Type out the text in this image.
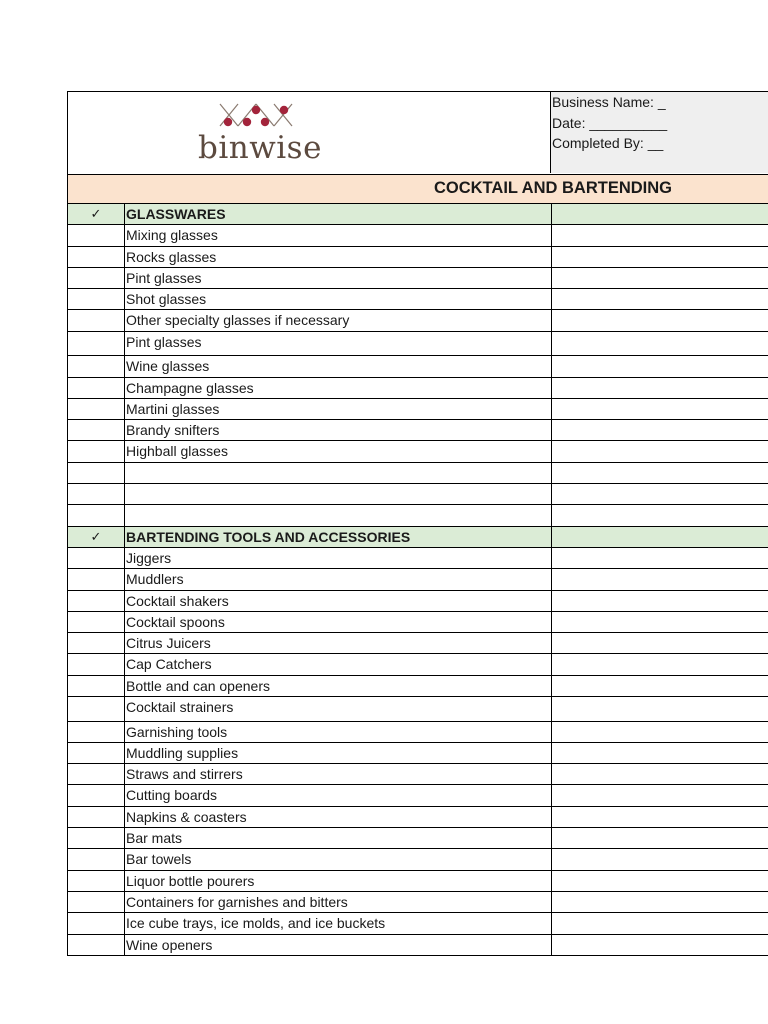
binwise
Business Name: _
Date: __________
Completed By: __
COCKTAIL AND BARTENDING
✓	GLASSWARES
Mixing glasses
Rocks glasses
Pint glasses
Shot glasses
Other specialty glasses if necessary
Pint glasses
Wine glasses
Champagne glasses
Martini glasses
Brandy snifters
Highball glasses
✓	BARTENDING TOOLS AND ACCESSORIES
Jiggers
Muddlers
Cocktail shakers
Cocktail spoons
Citrus Juicers
Cap Catchers
Bottle and can openers
Cocktail strainers
Garnishing tools
Muddling supplies
Straws and stirrers
Cutting boards
Napkins & coasters
Bar mats
Bar towels
Liquor bottle pourers
Containers for garnishes and bitters
Ice cube trays, ice molds, and ice buckets
Wine openers
